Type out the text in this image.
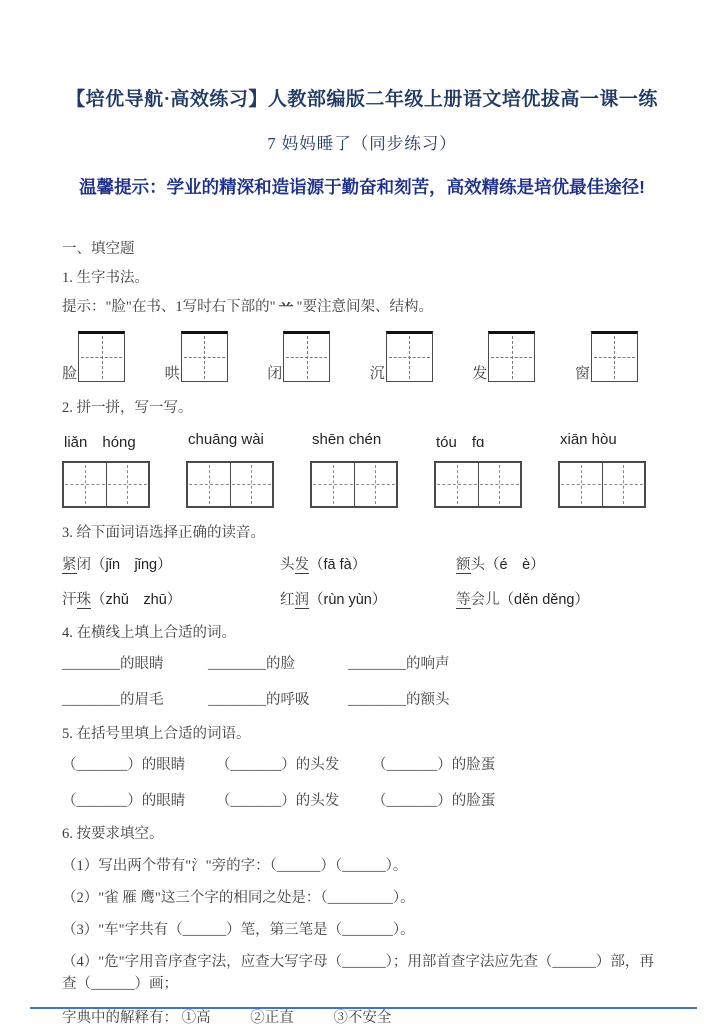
【培优导航·高效练习】人教部编版二年级上册语文培优拔高一课一练
7 妈妈睡了（同步练习）
温馨提示：学业的精深和造诣源于勤奋和刻苦，高效精练是培优最佳途径!
一、填空题
1. 生字书法。
提示："脸"在书、1写时右下部的" 䒑 "要注意间架、结构。
脸	哄	闭	沉	发	窗
2. 拼一拼，写一写。
liǎn　hóng	chuāng wài	shēn chén	tóu　fɑ	xiān hòu
3. 给下面词语选择正确的读音。
紧闭（jǐn　jǐng）	头发（fā fà）	额头（é　è）
汗珠（zhǔ　zhū）	红润（rùn yùn）	等会儿（děn děng）
4. 在横线上填上合适的词。
________的眼睛	________的脸	________的响声
________的眉毛	________的呼吸	________的额头
5. 在括号里填上合适的词语。
（_______）的眼睛	（_______）的头发	（_______）的脸蛋
（_______）的眼睛	（_______）的头发	（_______）的脸蛋
6. 按要求填空。

（1）写出两个带有"氵"旁的字：（______）（______）。

（2）"雀 雁 鹰"这三个字的相同之处是：（_________）。

（3）"车"字共有（______）笔，第三笔是（_______）。

（4）"危"字用音序查字法，应查大写字母（______）；用部首查字法应先查（______）部，再查（______）画；

字典中的解释有： ①高	②正直	③不安全
